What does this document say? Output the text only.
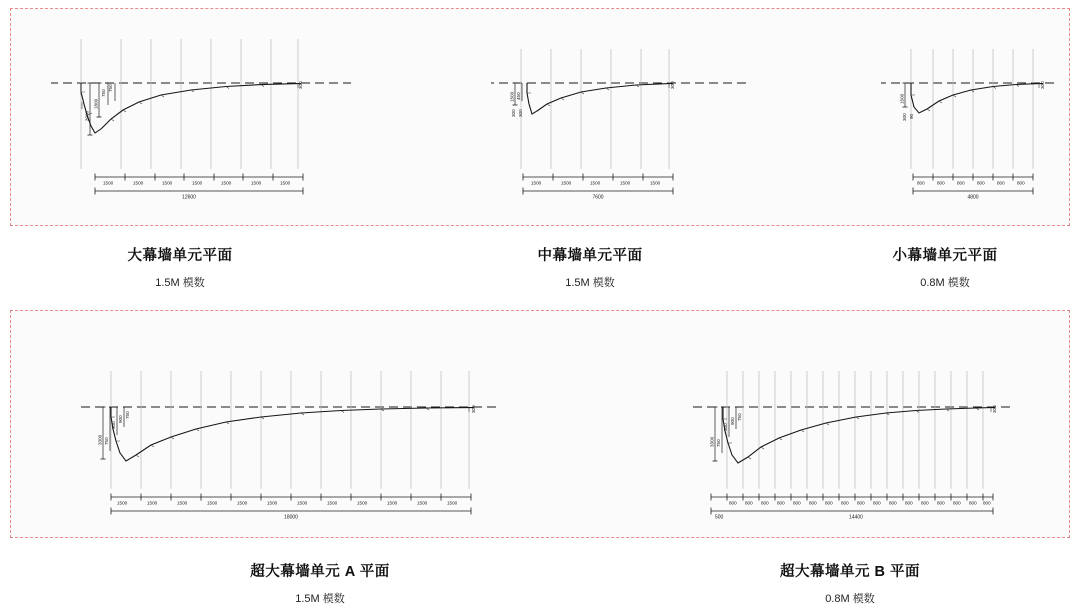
3900
1800
750
750	300
1500	1500	1500	1500	1500	1500	1500
12600
1500 450
300 300
300
1500	1500	1500	1500	1500
7600
1500
300 90
300
800	800	800	800	800	800
4800
大幕墙单元平面
1.5M 模数
中幕墙单元平面
1.5M 模数
小幕墙单元平面
0.8M 模数
3300 750
900
900
750
300
1500	1500	1500	1500	1500	1500	1500	1500	1500	1500	1500	1500
18000
3300 750
500
900
750
300
800 800 800 800 800 800 800 800 800 800 800 800 800 800 800 800 800
500	14400
超大幕墙单元 A 平面
1.5M 模数
超大幕墙单元 B 平面
0.8M 模数
